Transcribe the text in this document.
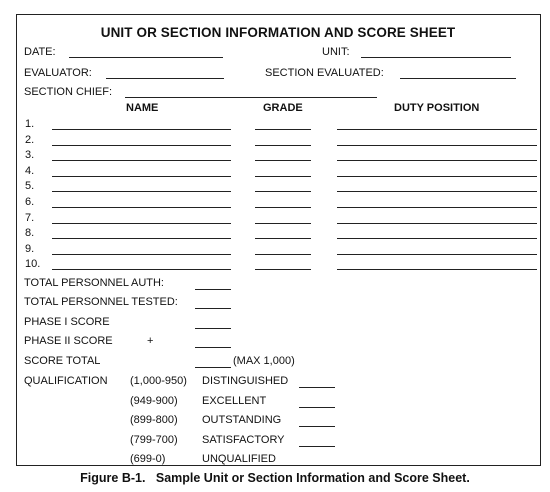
UNIT OR SECTION INFORMATION AND SCORE SHEET
DATE:	UNIT:
EVALUATOR:	SECTION EVALUATED:
SECTION CHIEF:
NAME	GRADE	DUTY POSITION
1.
2.
3.
4.
5.
6.
7.
8.
9.
10.
TOTAL PERSONNEL AUTH:
TOTAL PERSONNEL TESTED:
PHASE I SCORE
PHASE II SCORE	+
SCORE TOTAL	(MAX 1,000)
QUALIFICATION (1,000-950) DISTINGUISHED
(949-900) EXCELLENT
(899-800) OUTSTANDING
(799-700) SATISFACTORY
(699-0)	UNQUALIFIED
Figure B-1.   Sample Unit or Section Information and Score Sheet.
